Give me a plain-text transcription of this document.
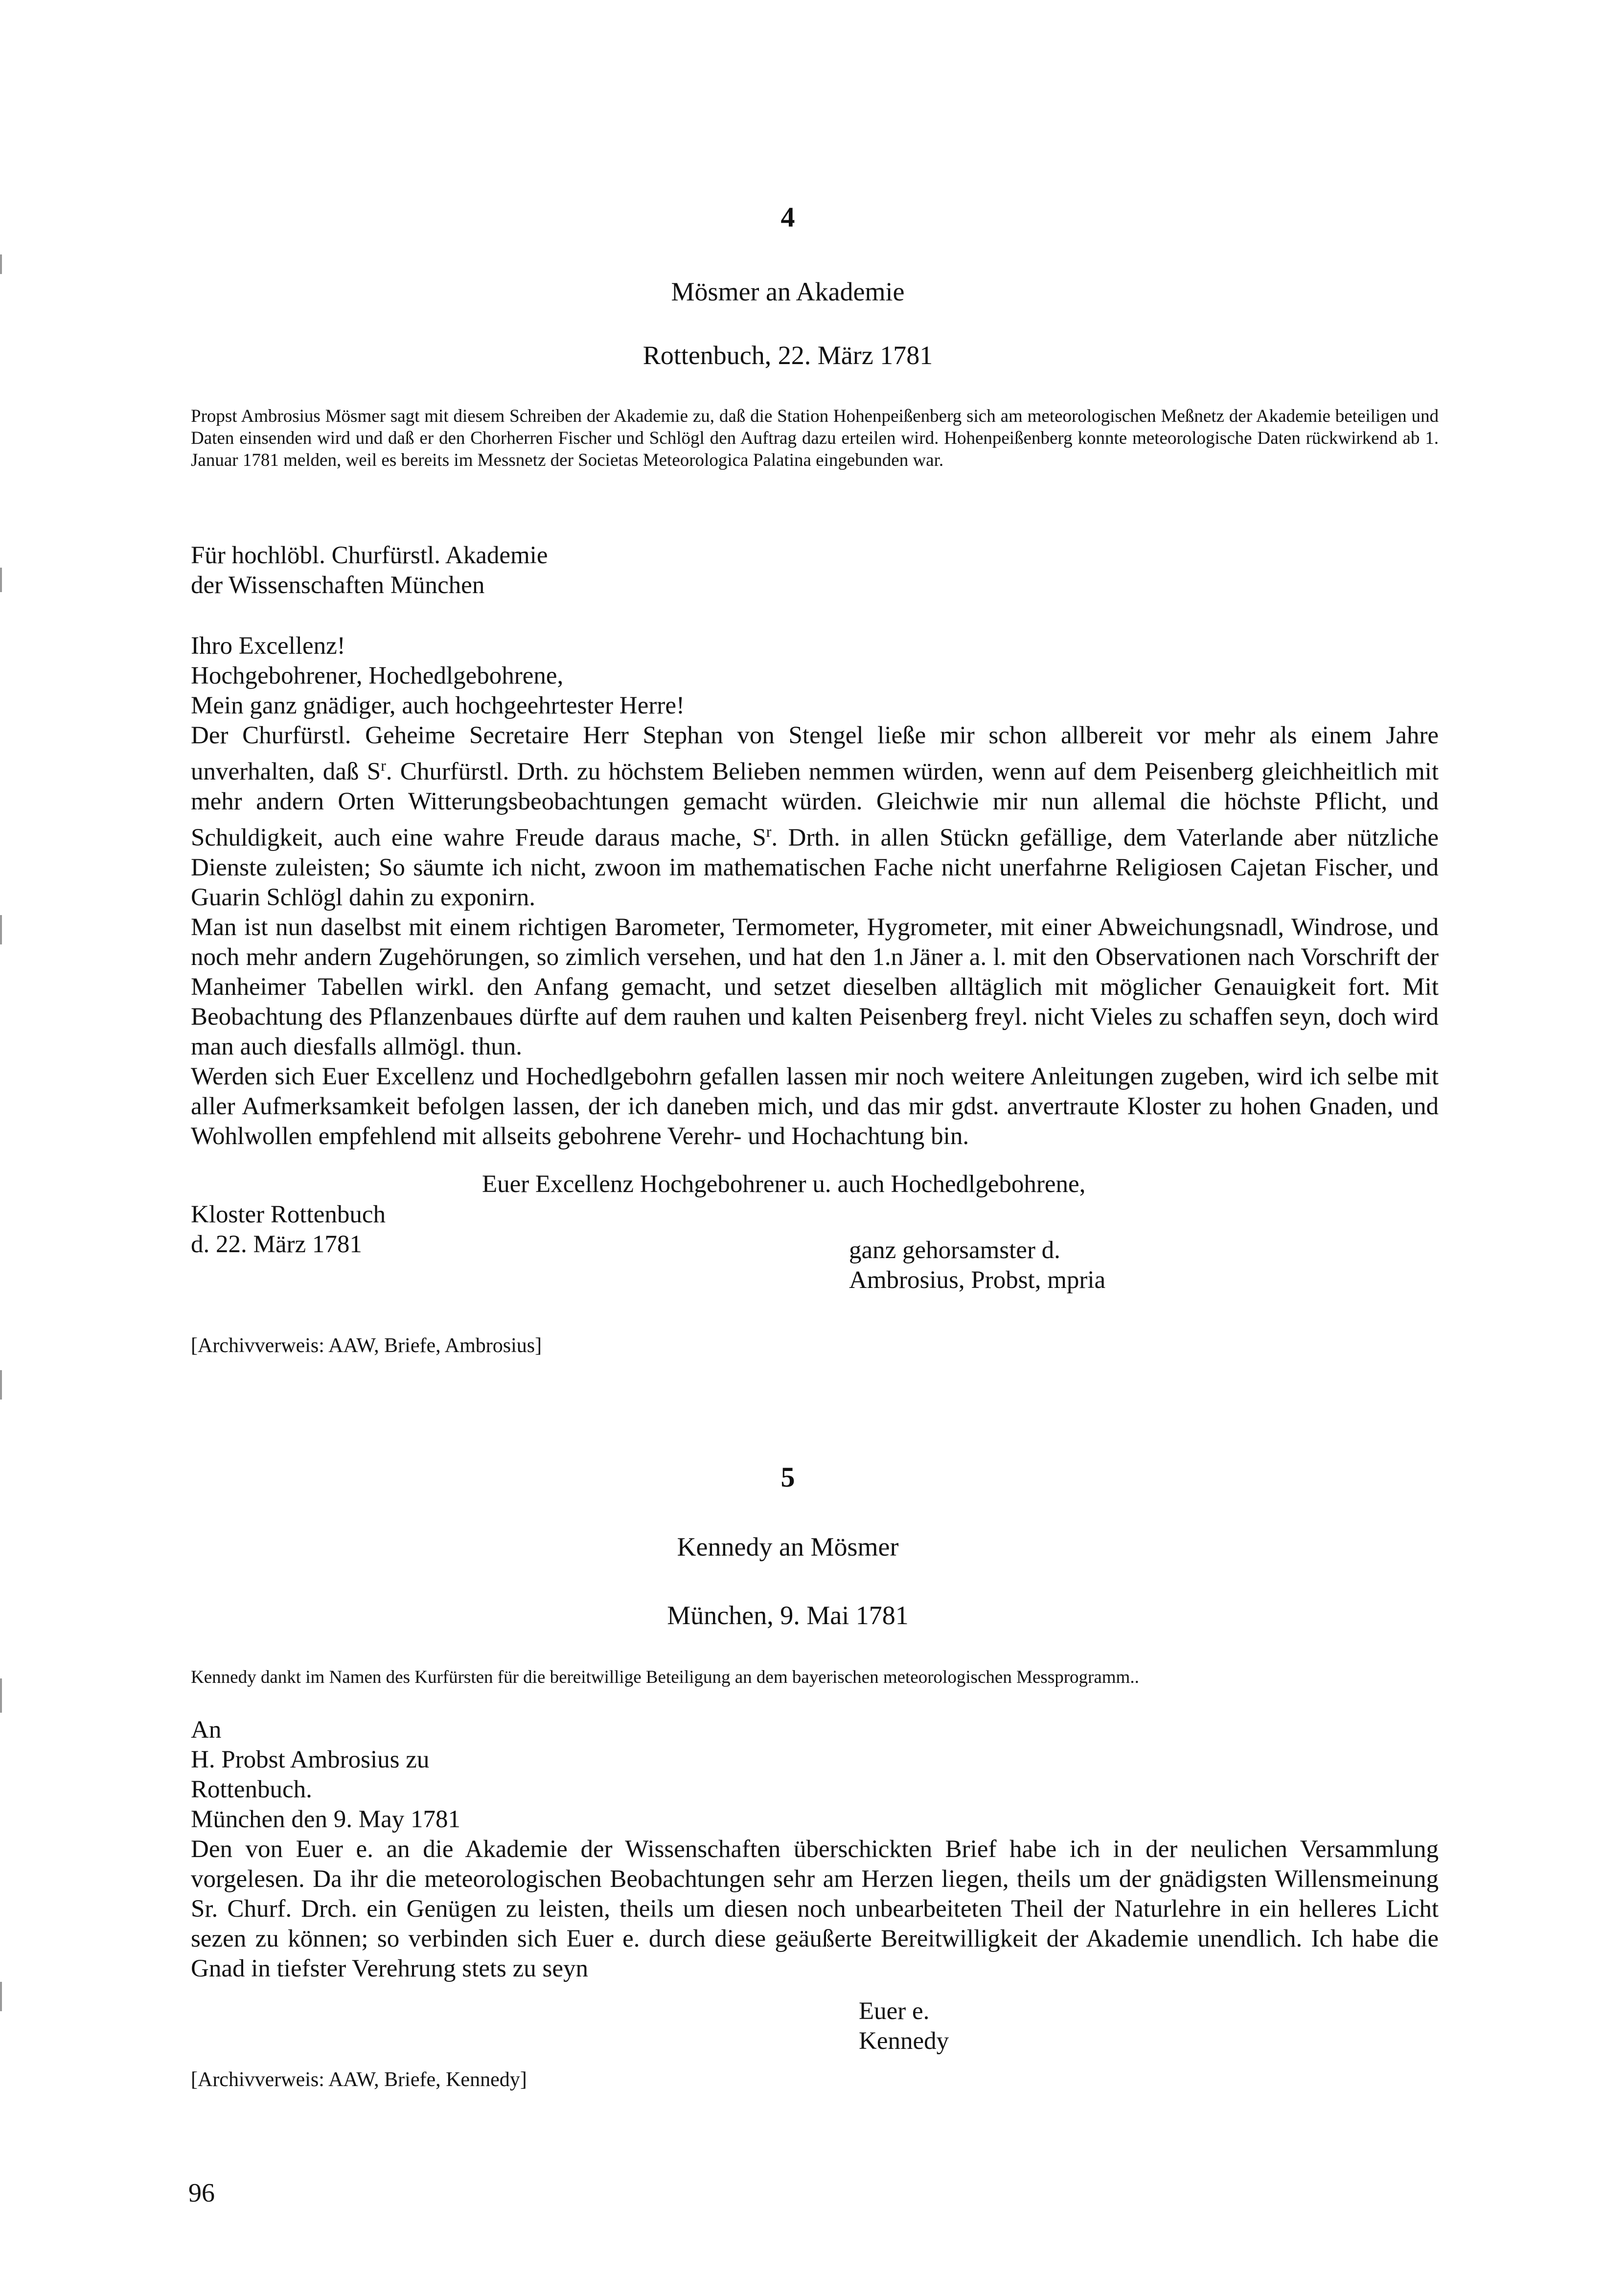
4
Mösmer an Akademie
Rottenbuch, 22. März 1781
Propst Ambrosius Mösmer sagt mit diesem Schreiben der Akademie zu, daß die Station Hohenpeißenberg sich am meteorologischen Meßnetz der Akademie beteiligen und Daten einsenden wird und daß er den Chorherren Fischer und Schlögl den Auftrag dazu erteilen wird. Hohenpeißenberg konnte meteorologische Daten rückwirkend ab 1. Januar 1781 melden, weil es bereits im Messnetz der Societas Meteorologica Palatina eingebunden war.
Für hochlöbl. Churfürstl. Akademie
der Wissenschaften München
Ihro Excellenz!
Hochgebohrener, Hochedlgebohrene,
Mein ganz gnädiger, auch hochgeehrtester Herre!
Der Churfürstl. Geheime Secretaire Herr Stephan von Stengel ließe mir schon allbereit vor mehr als einem Jahre unverhalten, daß $S^r$. Churfürstl. Drth. zu höchstem Belieben nemmen würden, wenn auf dem Peisenberg gleichheitlich mit mehr andern Orten Witterungsbeobachtungen gemacht würden. Gleichwie mir nun allemal die höchste Pflicht, und Schuldigkeit, auch eine wahre Freude daraus mache, $S^r$. Drth. in allen Stückn gefällige, dem Vaterlande aber nützliche Dienste zuleisten; So säumte ich nicht, zwoon im mathematischen Fache nicht unerfahrne Religiosen Cajetan Fischer, und Guarin Schlögl dahin zu exponirn.
Man ist nun daselbst mit einem richtigen Barometer, Termometer, Hygrometer, mit einer Abweichungsnadl, Windrose, und noch mehr andern Zugehörungen, so zimlich versehen, und hat den 1.n Jäner a. l. mit den Observationen nach Vorschrift der Manheimer Tabellen wirkl. den Anfang gemacht, und setzet dieselben alltäglich mit möglicher Genauigkeit fort. Mit Beobachtung des Pflanzenbaues dürfte auf dem rauhen und kalten Peisenberg freyl. nicht Vieles zu schaffen seyn, doch wird man auch diesfalls allmögl. thun.
Werden sich Euer Excellenz und Hochedlgebohrn gefallen lassen mir noch weitere Anleitungen zugeben, wird ich selbe mit aller Aufmerksamkeit befolgen lassen, der ich daneben mich, und das mir gdst. anvertraute Kloster zu hohen Gnaden, und Wohlwollen empfehlend mit allseits gebohrene Verehr- und Hochachtung bin.
Euer Excellenz Hochgebohrener u. auch Hochedlgebohrene,
Kloster Rottenbuch
d. 22. März 1781	ganz gehorsamster d.
Ambrosius, Probst, mpria
[Archivverweis: AAW, Briefe, Ambrosius]
5
Kennedy an Mösmer
München, 9. Mai 1781
Kennedy dankt im Namen des Kurfürsten für die bereitwillige Beteiligung an dem bayerischen meteorologischen Messprogramm..
An
H. Probst Ambrosius zu
Rottenbuch.
München den 9. May 1781
Den von Euer e. an die Akademie der Wissenschaften überschickten Brief habe ich in der neulichen Versammlung vorgelesen. Da ihr die meteorologischen Beobachtungen sehr am Herzen liegen, theils um der gnädigsten Willensmeinung Sr. Churf. Drch. ein Genügen zu leisten, theils um diesen noch unbearbeiteten Theil der Naturlehre in ein helleres Licht sezen zu können; so verbinden sich Euer e. durch diese geäußerte Bereitwilligkeit der Akademie unendlich. Ich habe die Gnad in tiefster Verehrung stets zu seyn
Euer e.
Kennedy
[Archivverweis: AAW, Briefe, Kennedy]
96
